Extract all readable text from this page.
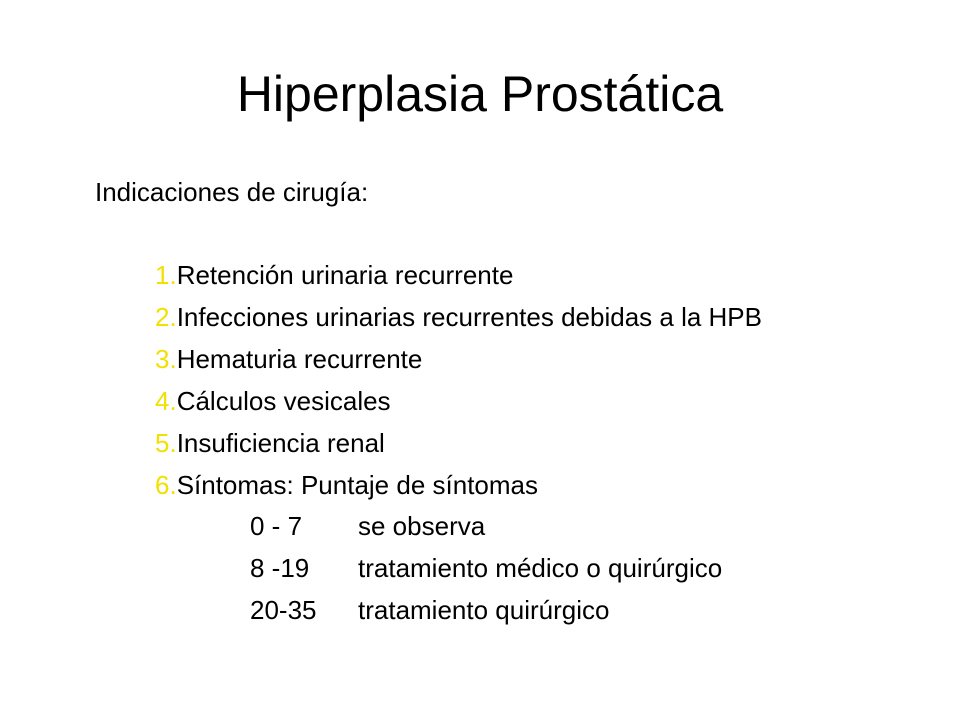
Hiperplasia Prostática
Indicaciones de cirugía:
1.Retención urinaria recurrente
2.Infecciones urinarias recurrentes debidas a la HPB
3.Hematuria recurrente
4.Cálculos vesicales
5.Insuficiencia renal
6.Síntomas: Puntaje de síntomas
0 - 7	se observa
8 -19	tratamiento médico o quirúrgico
20-35	tratamiento quirúrgico
